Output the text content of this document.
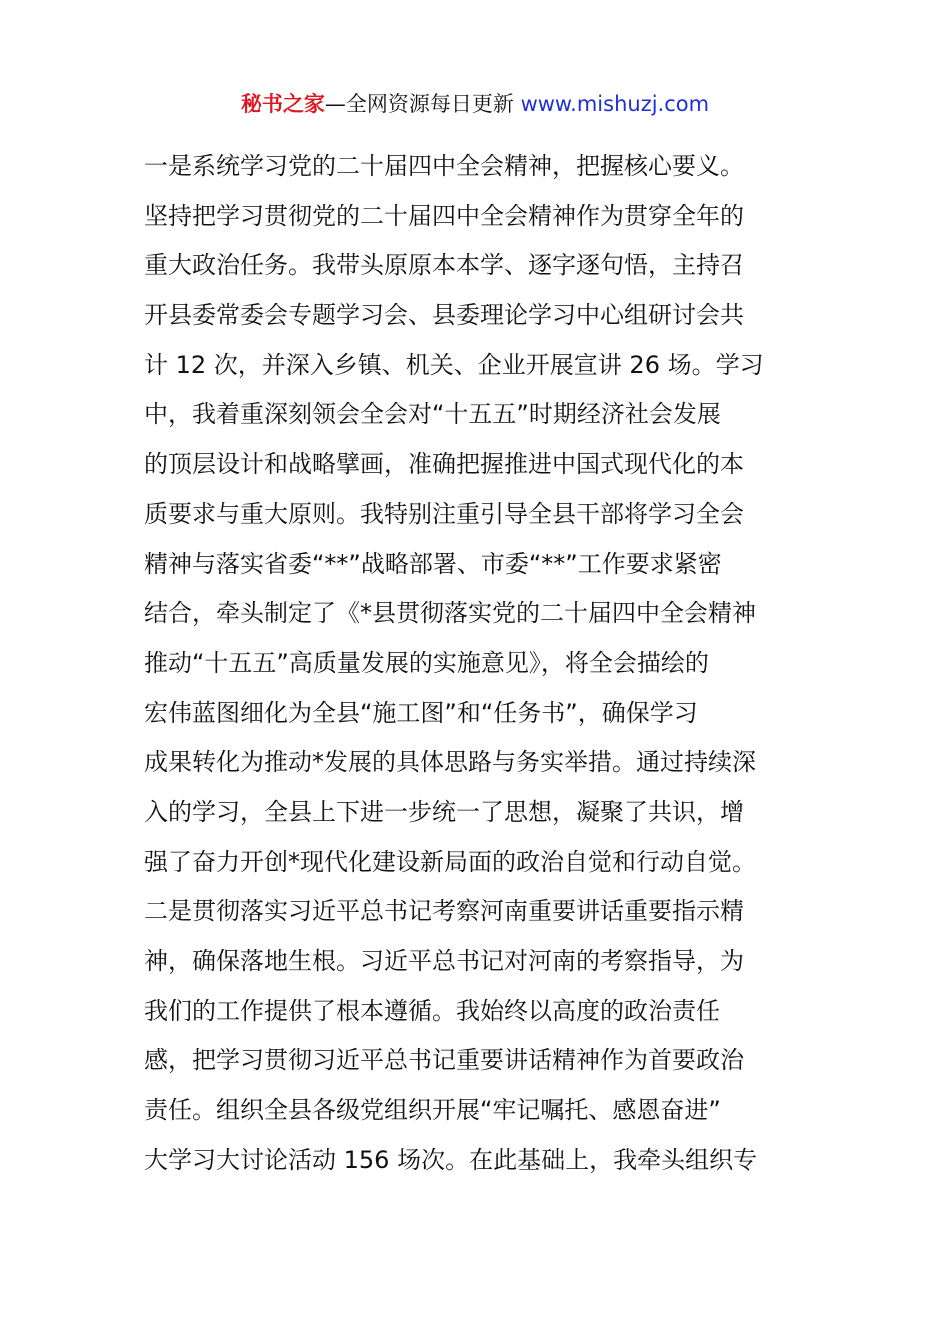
秘书之家—全网资源每日更新 www.mishuzj.com
一是系统学习党的二十届四中全会精神，把握核心要义。
坚持把学习贯彻党的二十届四中全会精神作为贯穿全年的
重大政治任务。我带头原原本本学、逐字逐句悟，主持召
开县委常委会专题学习会、县委理论学习中心组研讨会共
计 12 次，并深入乡镇、机关、企业开展宣讲 26 场。学习
中，我着重深刻领会全会对“十五五”时期经济社会发展
的顶层设计和战略擘画，准确把握推进中国式现代化的本
质要求与重大原则。我特别注重引导全县干部将学习全会
精神与落实省委“**”战略部署、市委“**”工作要求紧密
结合，牵头制定了《*县贯彻落实党的二十届四中全会精神
推动“十五五”高质量发展的实施意见》，将全会描绘的
宏伟蓝图细化为全县“施工图”和“任务书”，确保学习
成果转化为推动*发展的具体思路与务实举措。通过持续深
入的学习，全县上下进一步统一了思想，凝聚了共识，增
强了奋力开创*现代化建设新局面的政治自觉和行动自觉。
二是贯彻落实习近平总书记考察河南重要讲话重要指示精
神，确保落地生根。习近平总书记对河南的考察指导，为
我们的工作提供了根本遵循。我始终以高度的政治责任
感，把学习贯彻习近平总书记重要讲话精神作为首要政治
责任。组织全县各级党组织开展“牢记嘱托、感恩奋进”
大学习大讨论活动 156 场次。在此基础上，我牵头组织专
